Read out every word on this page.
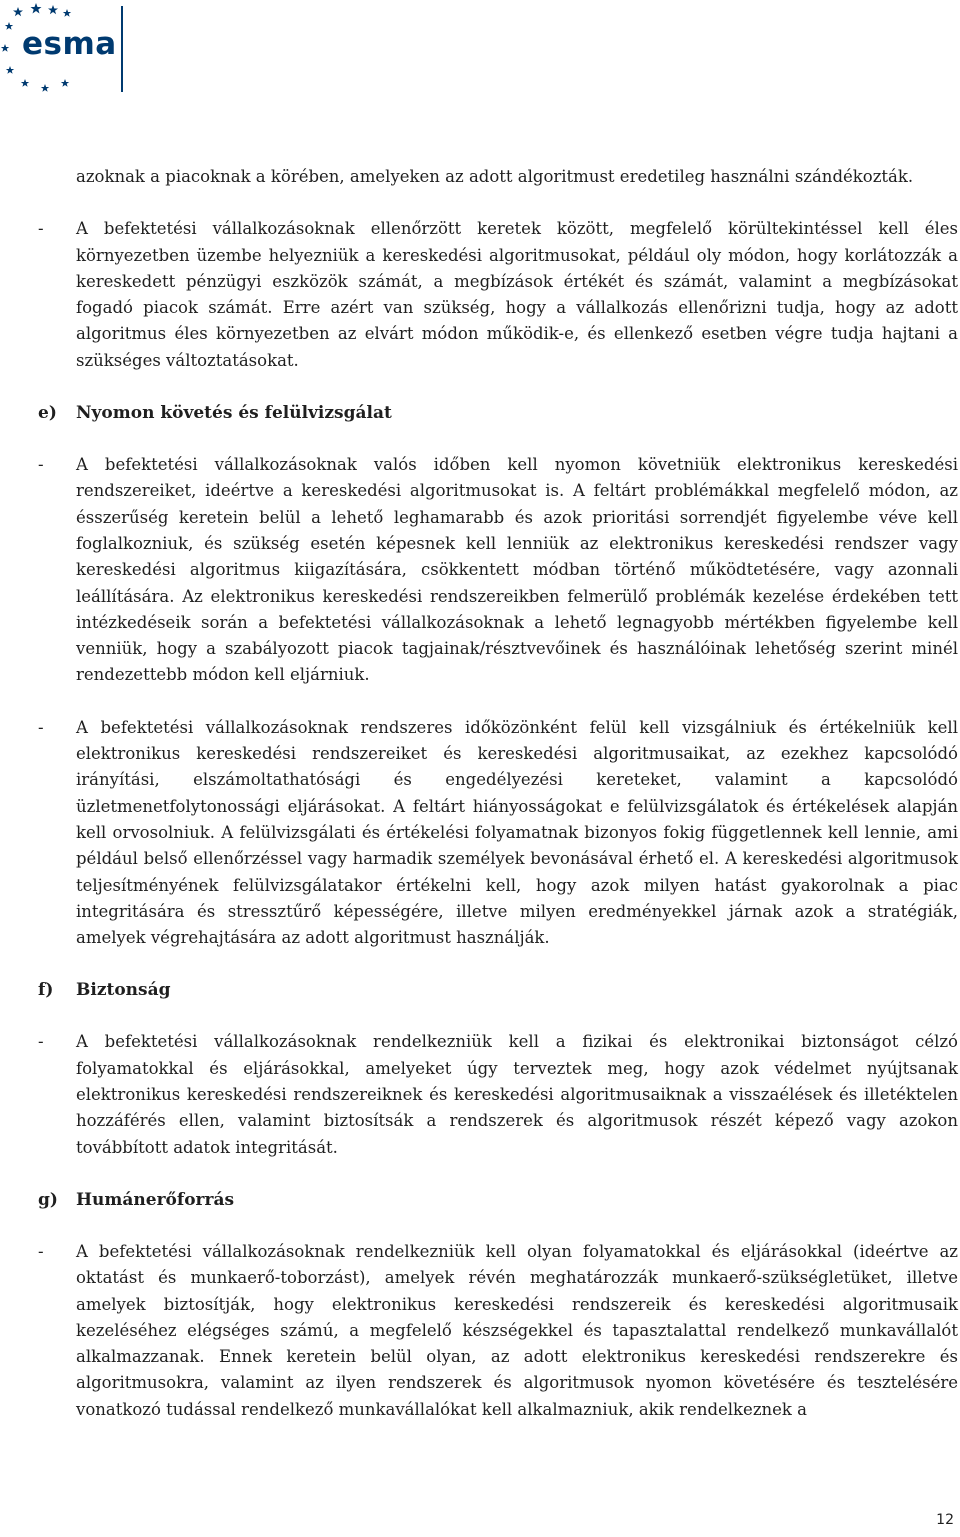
esma

azoknak a piacoknak a körében, amelyeken az adott algoritmust eredetileg használni szándékozták.

- A befektetési vállalkozásoknak ellenőrzött keretek között, megfelelő körültekintéssel kell éles környezetben üzembe helyezniük a kereskedési algoritmusokat, például oly módon, hogy korlátozzák a kereskedett pénzügyi eszközök számát, a megbízások értékét és számát, valamint a megbízásokat fogadó piacok számát. Erre azért van szükség, hogy a vállalkozás ellenőrizni tudja, hogy az adott algoritmus éles környezetben az elvárt módon működik-e, és ellenkező esetben végre tudja hajtani a szükséges változtatásokat.

e) Nyomon követés és felülvizsgálat

- A befektetési vállalkozásoknak valós időben kell nyomon követniük elektronikus kereskedési rendszereiket, ideértve a kereskedési algoritmusokat is. A feltárt problémákkal megfelelő módon, az ésszerűség keretein belül a lehető leghamarabb és azok prioritási sorrendjét figyelembe véve kell foglalkozniuk, és szükség esetén képesnek kell lenniük az elektronikus kereskedési rendszer vagy kereskedési algoritmus kiigazítására, csökkentett módban történő működtetésére, vagy azonnali leállítására. Az elektronikus kereskedési rendszereikben felmerülő problémák kezelése érdekében tett intézkedéseik során a befektetési vállalkozásoknak a lehető legnagyobb mértékben figyelembe kell venniük, hogy a szabályozott piacok tagjainak/résztvevőinek és használóinak lehetőség szerint minél rendezettebb módon kell eljárniuk.

- A befektetési vállalkozásoknak rendszeres időközönként felül kell vizsgálniuk és értékelniük kell elektronikus kereskedési rendszereiket és kereskedési algoritmusaikat, az ezekhez kapcsolódó irányítási, elszámoltathatósági és engedélyezési kereteket, valamint a kapcsolódó üzletmenetfolytonossági eljárásokat. A feltárt hiányosságokat e felülvizsgálatok és értékelések alapján kell orvosolniuk. A felülvizsgálati és értékelési folyamatnak bizonyos fokig függetlennek kell lennie, ami például belső ellenőrzéssel vagy harmadik személyek bevonásával érhető el. A kereskedési algoritmusok teljesítményének felülvizsgálatakor értékelni kell, hogy azok milyen hatást gyakorolnak a piac integritására és stressztűrő képességére, illetve milyen eredményekkel járnak azok a stratégiák, amelyek végrehajtására az adott algoritmust használják.

f) Biztonság

- A befektetési vállalkozásoknak rendelkezniük kell a fizikai és elektronikai biztonságot célzó folyamatokkal és eljárásokkal, amelyeket úgy terveztek meg, hogy azok védelmet nyújtsanak elektronikus kereskedési rendszereiknek és kereskedési algoritmusaiknak a visszaélések és illetéktelen hozzáférés ellen, valamint biztosítsák a rendszerek és algoritmusok részét képező vagy azokon továbbított adatok integritását.

g) Humánerőforrás

- A befektetési vállalkozásoknak rendelkezniük kell olyan folyamatokkal és eljárásokkal (ideértve az oktatást és munkaerő-toborzást), amelyek révén meghatározzák munkaerő-szükségletüket, illetve amelyek biztosítják, hogy elektronikus kereskedési rendszereik és kereskedési algoritmusaik kezeléséhez elégséges számú, a megfelelő készségekkel és tapasztalattal rendelkező munkavállalót alkalmazzanak. Ennek keretein belül olyan, az adott elektronikus kereskedési rendszerekre és algoritmusokra, valamint az ilyen rendszerek és algoritmusok nyomon követésére és tesztelésére vonatkozó tudással rendelkező munkavállalókat kell alkalmazniuk, akik rendelkeznek a

12
